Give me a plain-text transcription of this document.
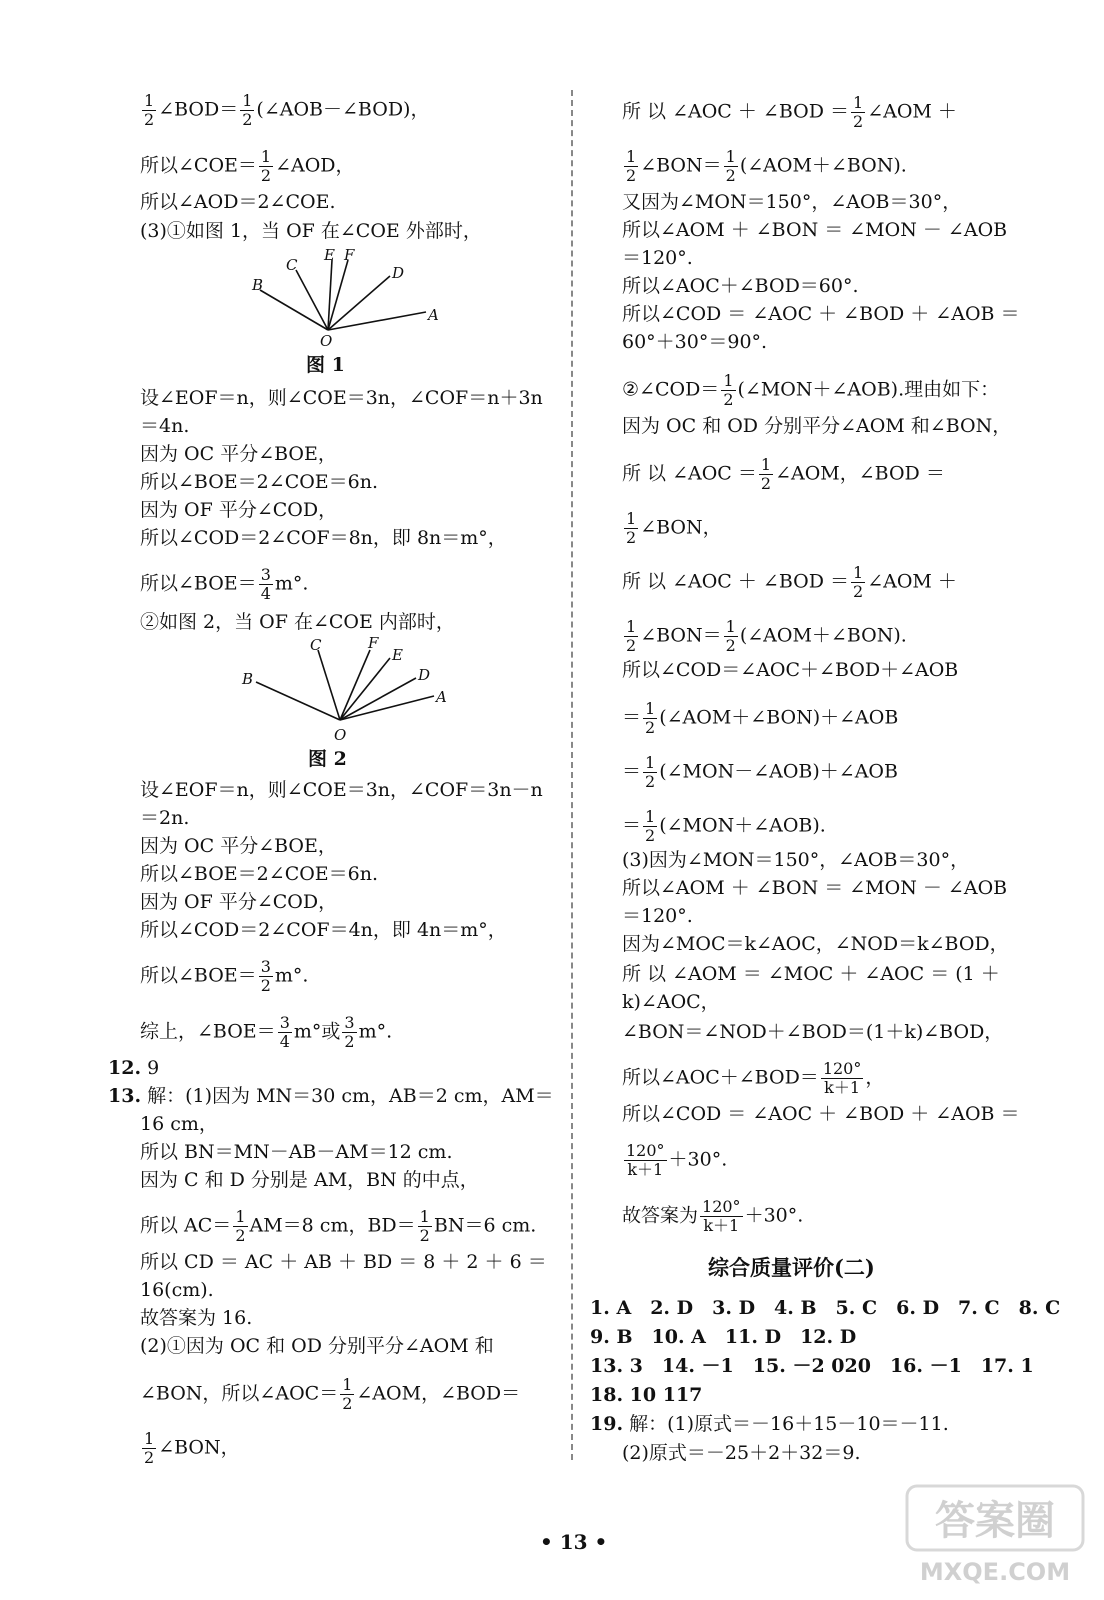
$\frac{1}{2}$ ∠BOD＝ $\frac{1}{2}$ (∠AOB－∠BOD)，
所以∠COE＝ $\frac{1}{2}$ ∠AOD，
所以∠AOD＝2∠COE.
(3)①如图 1，当 OF 在∠COE 外部时，
B
C
E F
D
A
O
图 1
设∠EOF＝n，则∠COE＝3n，∠COF＝n＋3n
＝4n.
因为 OC 平分∠BOE，
所以∠BOE＝2∠COE＝6n.
因为 OF 平分∠COD，
所以∠COD＝2∠COF＝8n，即 8n＝m°，
所以∠BOE＝ $\frac{3}{4} m^\circ$.
②如图 2，当 OF 在∠COE 内部时，
C	F
E
B	D
A
O
图 2
设∠EOF＝n，则∠COE＝3n，∠COF＝3n－n
＝2n.
因为 OC 平分∠BOE，
所以∠BOE＝2∠COE＝6n.
因为 OF 平分∠COD，
所以∠COD＝2∠COF＝4n，即 4n＝m°，
所以∠BOE＝ $\frac{3}{2} m^\circ$.
综上，∠BOE＝ $\frac{3}{4} m^\circ$或 $\frac{3}{2} m^\circ$.
12. 9
13. 解：(1)因为 MN＝30 cm，AB＝2 cm，AM＝
16 cm，
所以 BN＝MN－AB－AM＝12 cm.
因为 C 和 D 分别是 AM，BN 的中点，
所以 $AC= \frac{1}{2} AM=8$ cm，$BD= \frac{1}{2} BN=6$ cm.
所以 CD ＝ AC ＋ AB ＋ BD ＝ 8 ＋ 2 ＋ 6 ＝
16(cm).
故答案为 16.
(2)①因为 OC 和 OD 分别平分∠AOM 和
∠BON，所以∠AOC＝ $\frac{1}{2}$ ∠AOM，∠BOD＝
$\frac{1}{2}$ ∠BON，
所 以 ∠AOC ＋ ∠BOD ＝ $\frac{1}{2}$ ∠AOM ＋
$\frac{1}{2}$ ∠BON＝ $\frac{1}{2}$ (∠AOM＋∠BON).
又因为∠MON＝150°，∠AOB＝30°，
所以∠AOM ＋ ∠BON ＝ ∠MON － ∠AOB
＝120°.
所以∠AOC＋∠BOD＝60°.
所以∠COD ＝ ∠AOC ＋ ∠BOD ＋ ∠AOB ＝
60°＋30°＝90°.
②∠COD＝ $\frac{1}{2}$ (∠MON＋∠AOB).理由如下：
因为 OC 和 OD 分别平分∠AOM 和∠BON，
所 以 ∠AOC ＝ $\frac{1}{2}$ ∠AOM，∠BOD ＝
$\frac{1}{2}$ ∠BON，
所 以 ∠AOC ＋ ∠BOD ＝ $\frac{1}{2}$ ∠AOM ＋
$\frac{1}{2}$ ∠BON＝ $\frac{1}{2}$ (∠AOM＋∠BON).
所以∠COD＝∠AOC＋∠BOD＋∠AOB
＝ $\frac{1}{2}$ (∠AOM＋∠BON)＋∠AOB
＝ $\frac{1}{2}$ (∠MON－∠AOB)＋∠AOB
＝ $\frac{1}{2}$ (∠MON＋∠AOB).
(3)因为∠MON＝150°，∠AOB＝30°，
所以∠AOM ＋ ∠BON ＝ ∠MON － ∠AOB
＝120°.
因为∠MOC＝k∠AOC，∠NOD＝k∠BOD，
所 以 ∠AOM ＝ ∠MOC ＋ ∠AOC ＝ (1 ＋
k)∠AOC，
∠BON＝∠NOD＋∠BOD＝(1＋k)∠BOD，
所以∠AOC＋∠BOD＝ $\frac{120^\circ}{k+1}$ ，
所以∠COD ＝ ∠AOC ＋ ∠BOD ＋ ∠AOB ＝
$\frac{120^\circ}{k+1} +30^\circ$.
故答案为 $\frac{120^\circ}{k+1} +30^\circ$.
综合质量评价(二)
1. A　2. D　3. D　4. B　5. C　6. D　7. C　8. C
9. B　10. A　11. D　12. D
13. 3　14. －1　15. －2 020　16. －1　17. 1
18. 10 117
19. 解：(1)原式＝－16＋15－10＝－11.
(2)原式＝－25＋2＋32＝9.
• 13 •	答案圈
MXQE.COM
